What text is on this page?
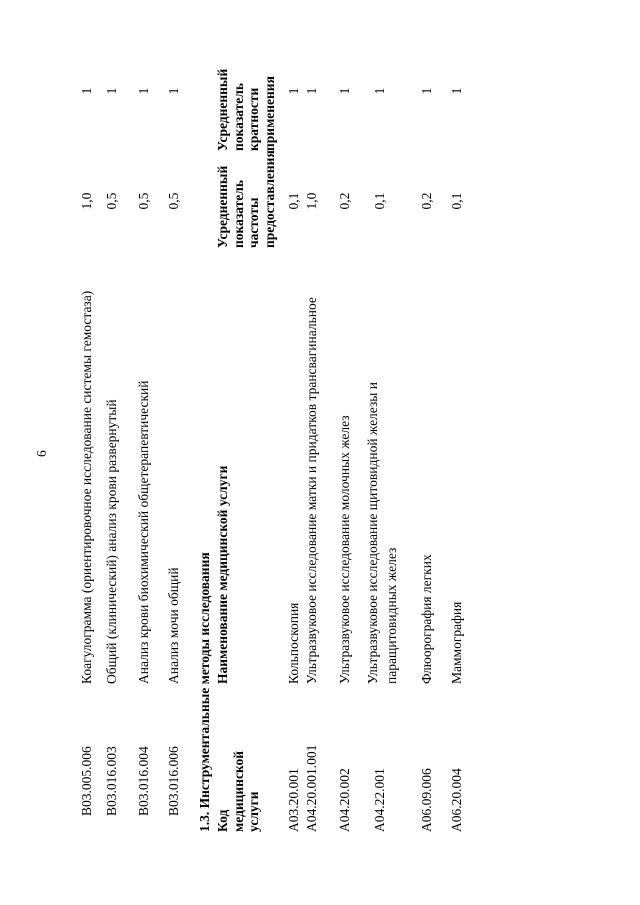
6
B03.005.006
Коагулограмма (ориентировочное исследование системы гемостаза)
1,0
1
B03.016.003
Общий (клинический) анализ крови развернутый
0,5
1
B03.016.004
Анализ крови биохимический общетерапевтический
0,5
1
B03.016.006
Анализ мочи общий
0,5
1
1.3. Инструментальные методы исследования Код медицинской услуги
Наименование медицинской услуги
Усредненный показатель частоты предоставления
Усредненный показатель кратности применения
A03.20.001
Кольпоскопия
0,1
1
A04.20.001.001
Ультразвуковое исследование матки и придатков трансвагинальное
1,0
1
A04.20.002
Ультразвуковое исследование молочных желез
0,2
1
A04.22.001
Ультразвуковое исследование щитовидной железы и паращитовидных желез
0,1
1
A06.09.006
Флюорография легких
0,2
1
A06.20.004
Маммография
0,1
1
